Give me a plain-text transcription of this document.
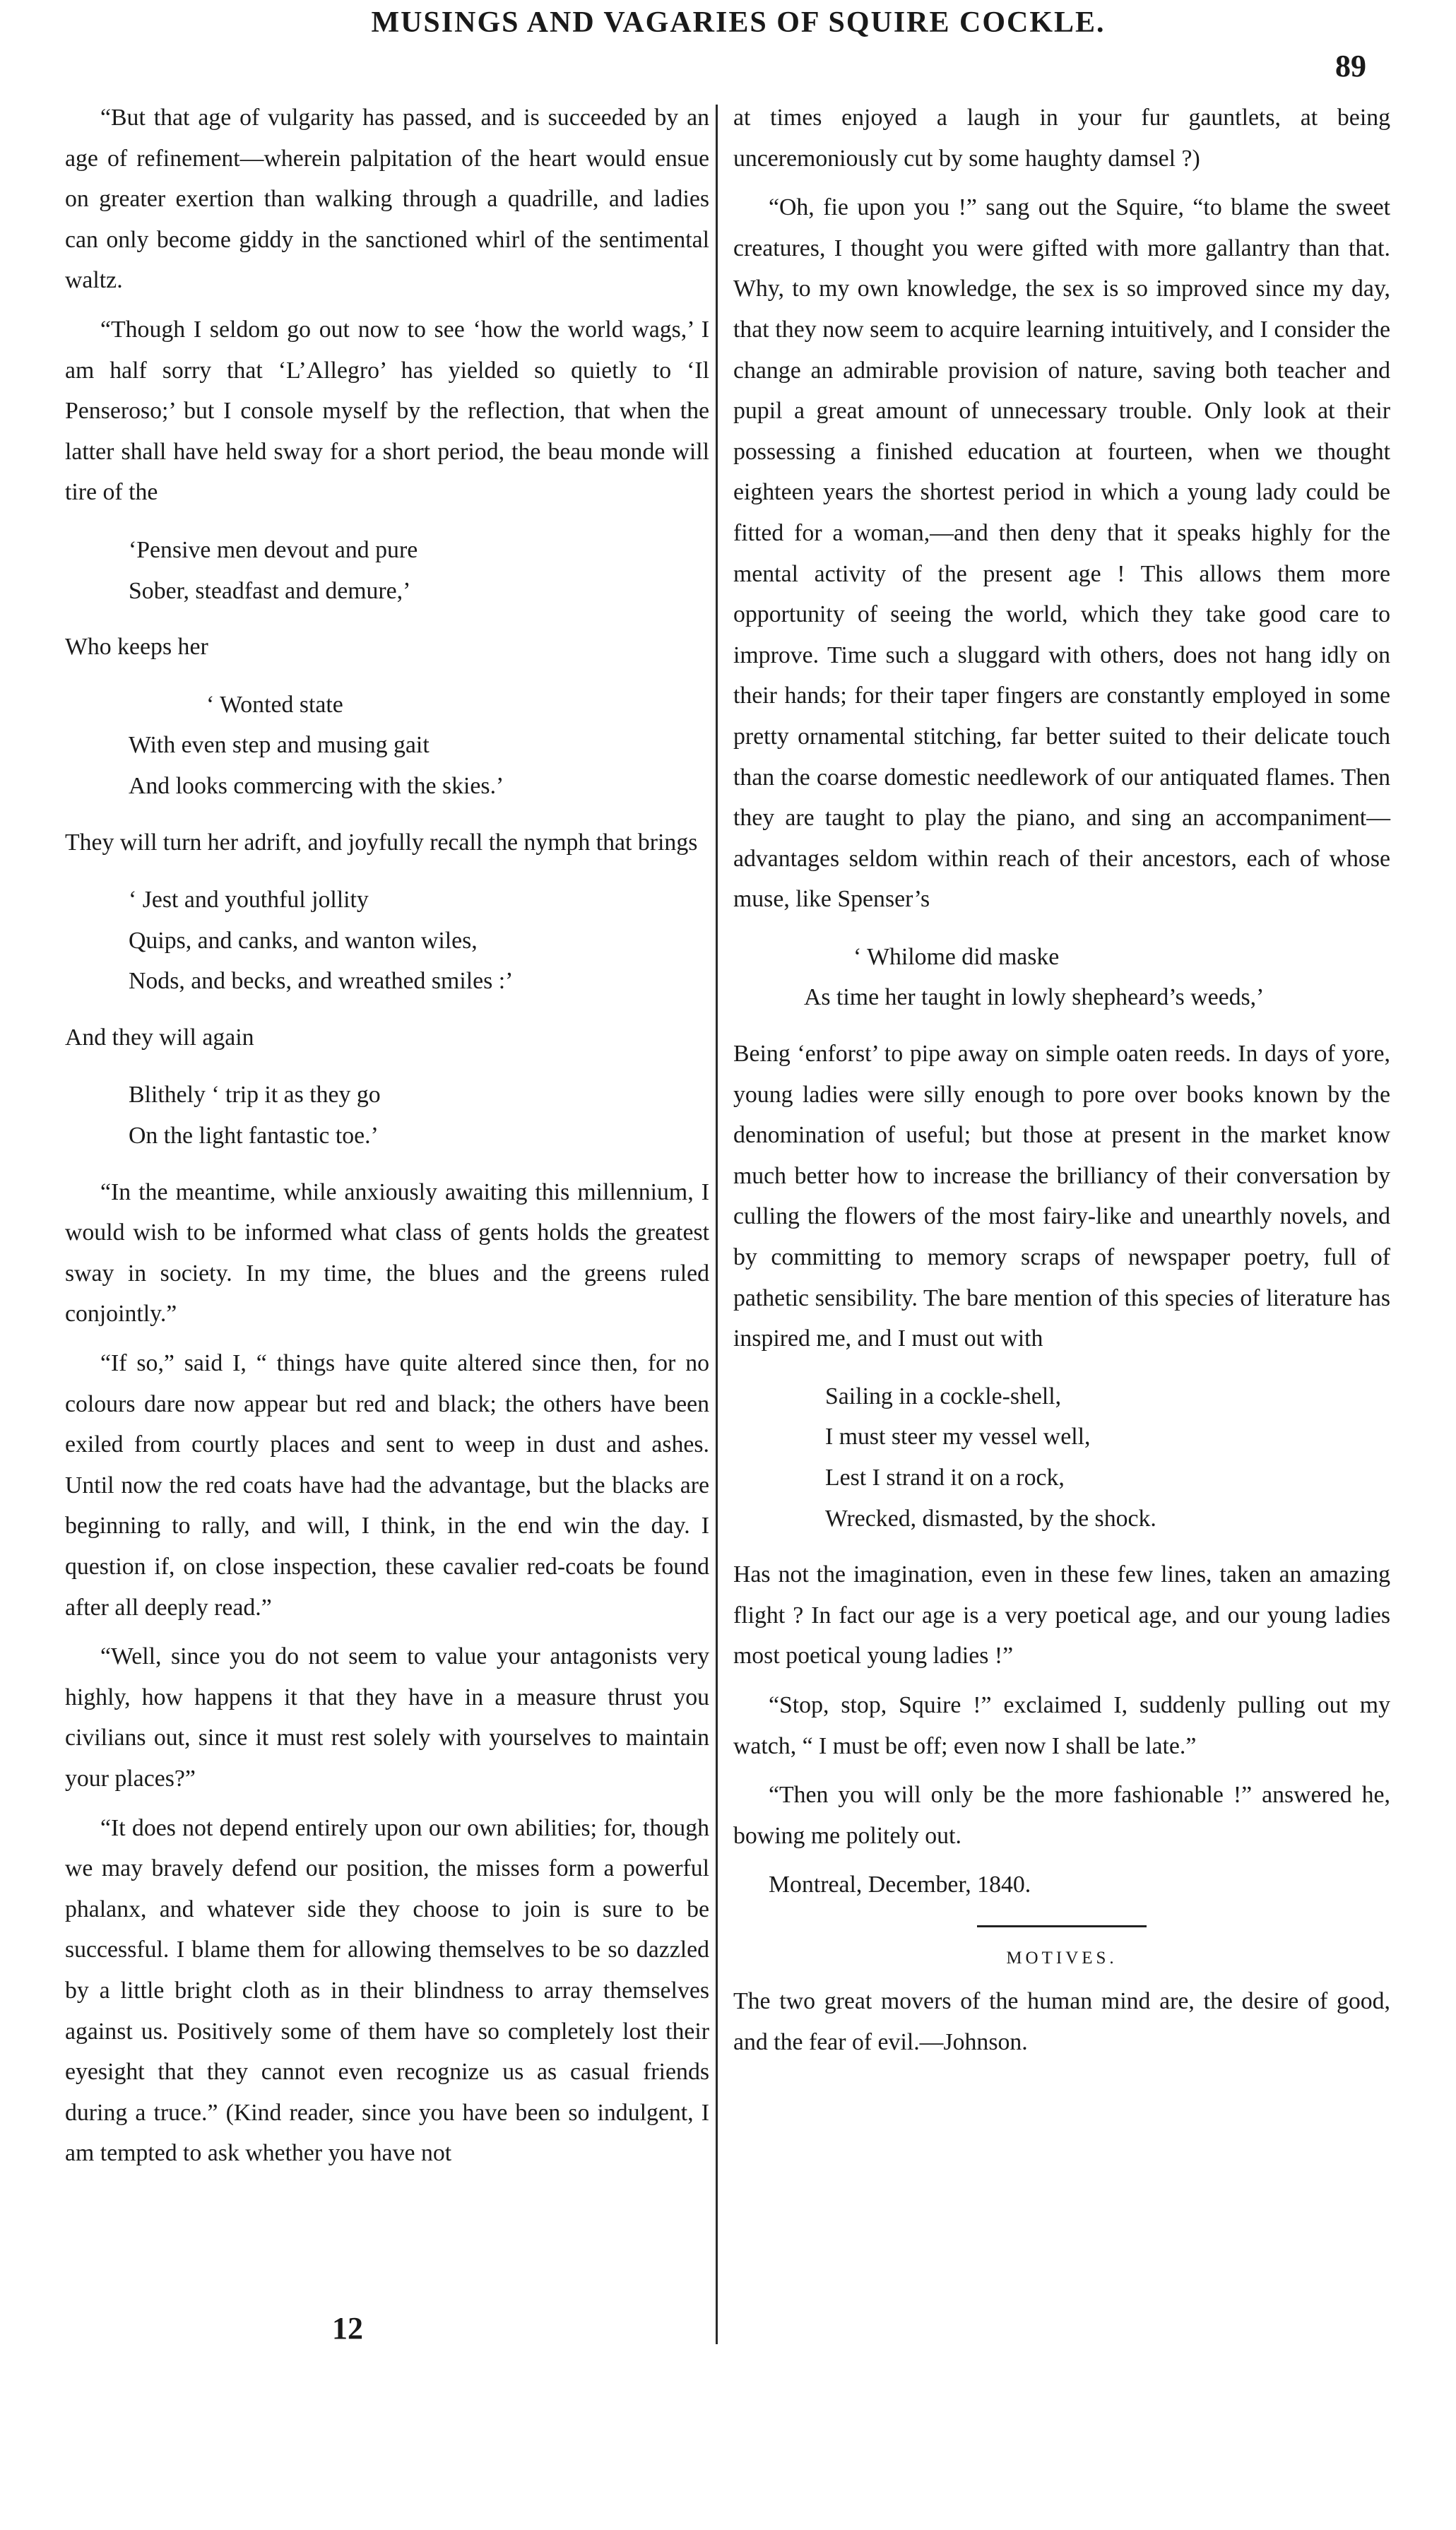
MUSINGS AND VAGARIES OF SQUIRE COCKLE.
89

“But that age of vulgarity has passed, and is succeeded by an age of refinement—wherein palpitation of the heart would ensue on greater exertion than walking through a quadrille, and ladies can only become giddy in the sanctioned whirl of the sentimental waltz.

“Though I seldom go out now to see ‘how the world wags,’ I am half sorry that ‘L’Allegro’ has yielded so quietly to ‘Il Penseroso;’ but I console myself by the reflection, that when the latter shall have held sway for a short period, the beau monde will tire of the

‘Pensive men devout and pure
Sober, steadfast and demure,’

Who keeps her

‘ Wonted state
With even step and musing gait
And looks commercing with the skies.’

They will turn her adrift, and joyfully recall the nymph that brings

‘ Jest and youthful jollity
Quips, and canks, and wanton wiles,
Nods, and becks, and wreathed smiles :’

And they will again

Blithely ‘ trip it as they go
On the light fantastic toe.’

“In the meantime, while anxiously awaiting this millennium, I would wish to be informed what class of gents holds the greatest sway in society. In my time, the blues and the greens ruled conjointly.”

“If so,” said I, “ things have quite altered since then, for no colours dare now appear but red and black; the others have been exiled from courtly places and sent to weep in dust and ashes. Until now the red coats have had the advantage, but the blacks are beginning to rally, and will, I think, in the end win the day. I question if, on close inspection, these cavalier red-coats be found after all deeply read.”

“Well, since you do not seem to value your antagonists very highly, how happens it that they have in a measure thrust you civilians out, since it must rest solely with yourselves to maintain your places?”

“It does not depend entirely upon our own abilities; for, though we may bravely defend our position, the misses form a powerful phalanx, and whatever side they choose to join is sure to be successful. I blame them for allowing themselves to be so dazzled by a little bright cloth as in their blindness to array themselves against us. Positively some of them have so completely lost their eyesight that they cannot even recognize us as casual friends during a truce.” (Kind reader, since you have been so indulgent, I am tempted to ask whether you have not

12

at times enjoyed a laugh in your fur gauntlets, at being unceremoniously cut by some haughty damsel ?)

“Oh, fie upon you !” sang out the Squire, “to blame the sweet creatures, I thought you were gifted with more gallantry than that. Why, to my own knowledge, the sex is so improved since my day, that they now seem to acquire learning intuitively, and I consider the change an admirable provision of nature, saving both teacher and pupil a great amount of unnecessary trouble. Only look at their possessing a finished education at fourteen, when we thought eighteen years the shortest period in which a young lady could be fitted for a woman,—and then deny that it speaks highly for the mental activity of the present age ! This allows them more opportunity of seeing the world, which they take good care to improve. Time such a sluggard with others, does not hang idly on their hands; for their taper fingers are constantly employed in some pretty ornamental stitching, far better suited to their delicate touch than the coarse domestic needlework of our antiquated flames. Then they are taught to play the piano, and sing an accompaniment—advantages seldom within reach of their ancestors, each of whose muse, like Spenser’s

‘ Whilome did maske
As time her taught in lowly shepheard’s weeds,’

Being ‘enforst’ to pipe away on simple oaten reeds. In days of yore, young ladies were silly enough to pore over books known by the denomination of useful; but those at present in the market know much better how to increase the brilliancy of their conversation by culling the flowers of the most fairy-like and unearthly novels, and by committing to memory scraps of newspaper poetry, full of pathetic sensibility. The bare mention of this species of literature has inspired me, and I must out with

Sailing in a cockle-shell,
I must steer my vessel well,
Lest I strand it on a rock,
Wrecked, dismasted, by the shock.

Has not the imagination, even in these few lines, taken an amazing flight ? In fact our age is a very poetical age, and our young ladies most poetical young ladies !”

“Stop, stop, Squire !” exclaimed I, suddenly pulling out my watch, “ I must be off; even now I shall be late.”

“Then you will only be the more fashionable !” answered he, bowing me politely out.

Montreal, December, 1840.
MOTIVES.

The two great movers of the human mind are, the desire of good, and the fear of evil.—Johnson.
